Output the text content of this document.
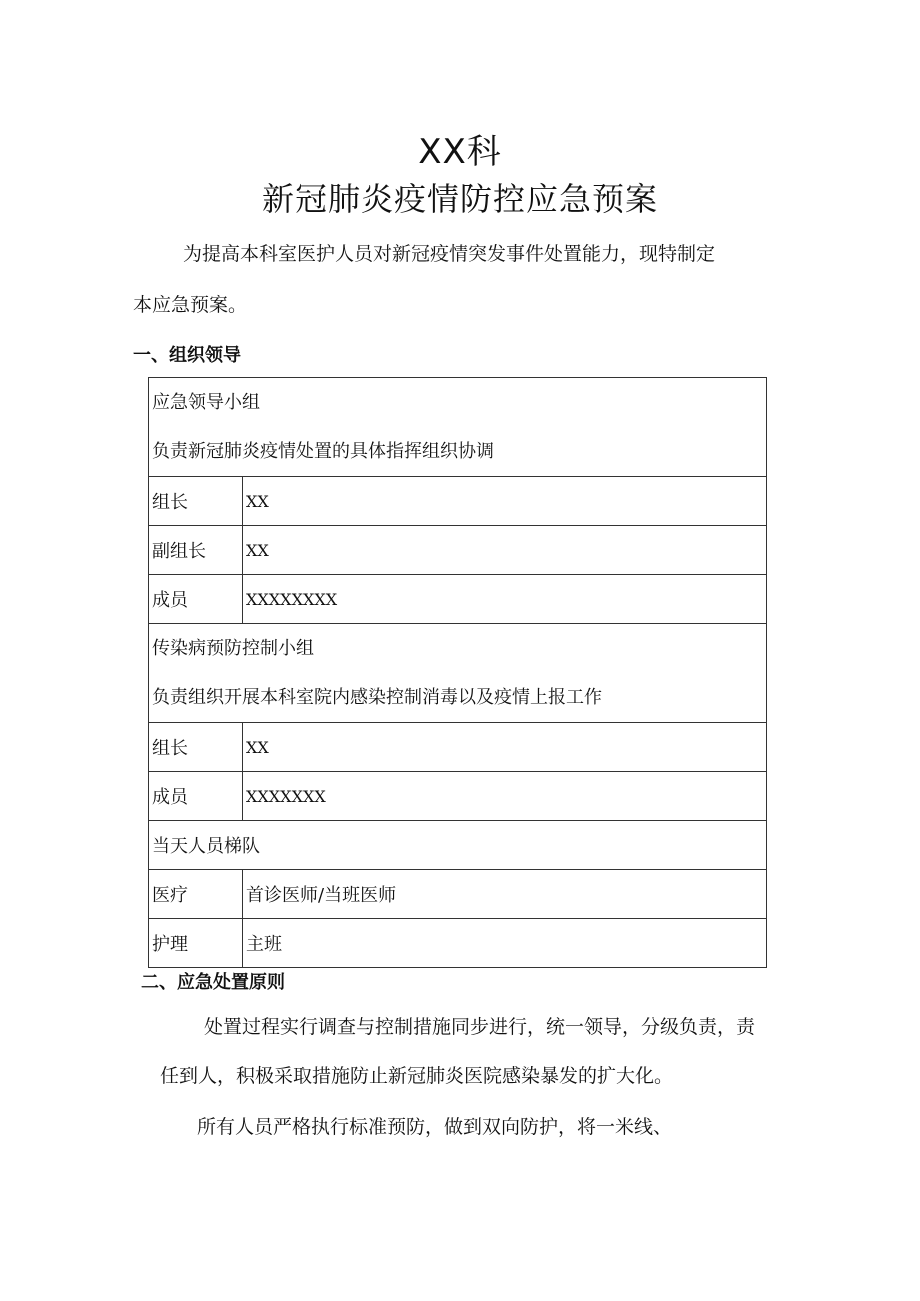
XX科
新冠肺炎疫情防控应急预案
为提高本科室医护人员对新冠疫情突发事件处置能力，现特制定
本应急预案。
一、组织领导
应急领导小组
负责新冠肺炎疫情处置的具体指挥组织协调	

组长	XX
副组长	XX
成员	XXXXXXXX

传染病预防控制小组
负责组织开展本科室院内感染控制消毒以及疫情上报工作	

组长	XX
成员	XXXXXXX
当天人员梯队	
医疗	首诊医师/当班医师
护理	主班
二、应急处置原则
处置过程实行调查与控制措施同步进行，统一领导，分级负责，责
任到人，积极采取措施防止新冠肺炎医院感染暴发的扩大化。
所有人员严格执行标准预防，做到双向防护，将一米线、
